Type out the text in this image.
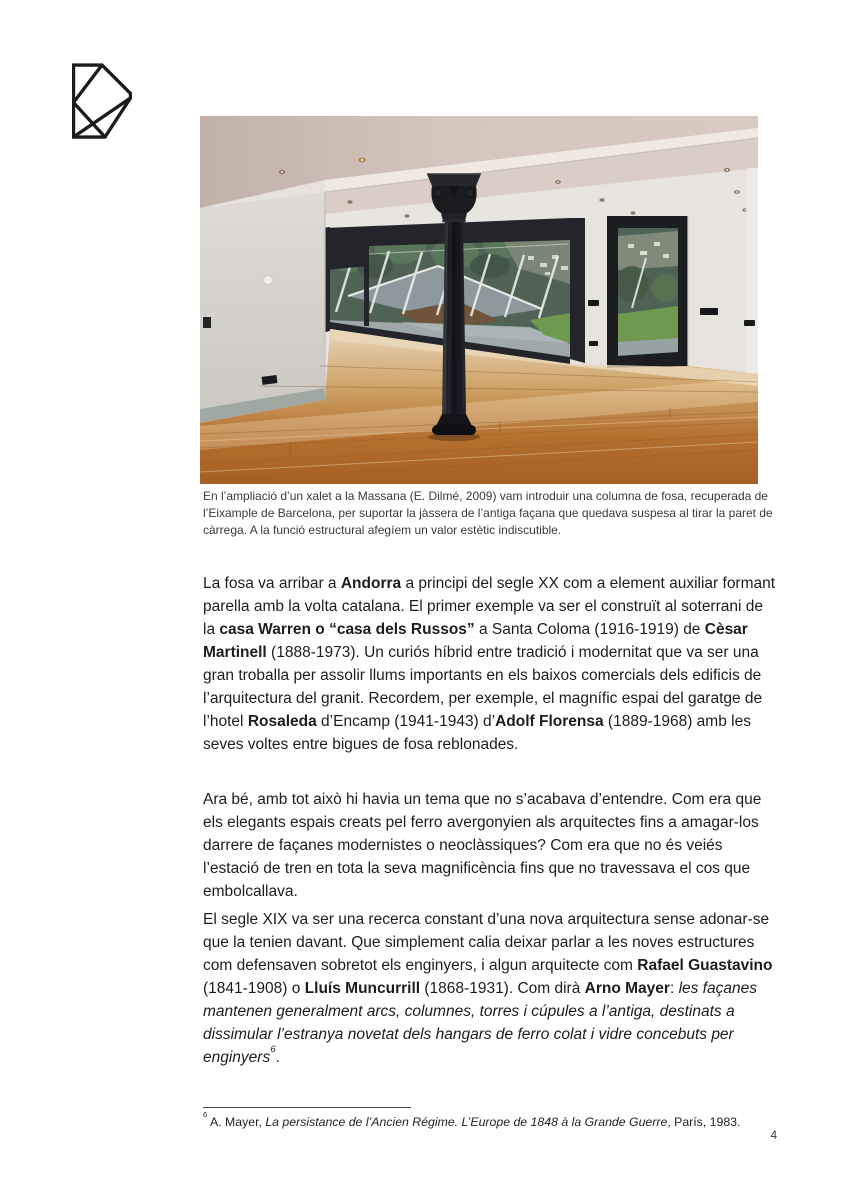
En l’ampliació d’un xalet a la Massana (E. Dilmé, 2009) vam introduir una columna de fosa, recuperada de l’Eixample de Barcelona, per suportar la jàssera de l’antiga façana que quedava suspesa al tirar la paret de càrrega. A la funció estructural afegíem un valor estètic indiscutible.
La fosa va arribar a Andorra a principi del segle XX com a element auxiliar formant parella amb la volta catalana. El primer exemple va ser el construït al soterrani de la casa Warren o “casa dels Russos” a Santa Coloma (1916-1919) de Cèsar Martinell (1888-1973). Un curiós híbrid entre tradició i modernitat que va ser una gran troballa per assolir llums importants en els baixos comercials dels edificis de l’arquitectura del granit. Recordem, per exemple, el magnífic espai del garatge de l’hotel Rosaleda d’Encamp (1941-1943) d’Adolf Florensa (1889-1968) amb les seves voltes entre bigues de fosa reblonades.
Ara bé, amb tot això hi havia un tema que no s’acabava d’entendre. Com era que els elegants espais creats pel ferro avergonyien als arquitectes fins a amagar-los darrere de façanes modernistes o neoclàssiques? Com era que no és veiés l’estació de tren en tota la seva magnificència fins que no travessava el cos que embolcallava.
El segle XIX va ser una recerca constant d’una nova arquitectura sense adonar-se que la tenien davant. Que simplement calia deixar parlar a les noves estructures com defensaven sobretot els enginyers, i algun arquitecte com Rafael Guastavino (1841-1908) o Lluís Muncurrill (1868-1931). Com dirà Arno Mayer: les façanes mantenen generalment arcs, columnes, torres i cúpules a l’antiga, destinats a dissimular l’estranya novetat dels hangars de ferro colat i vidre concebuts per enginyers$^6$.
$^6$ A. Mayer, La persistance de l’Ancien Régime. L’Europe de 1848 à la Grande Guerre, París, 1983.
4
